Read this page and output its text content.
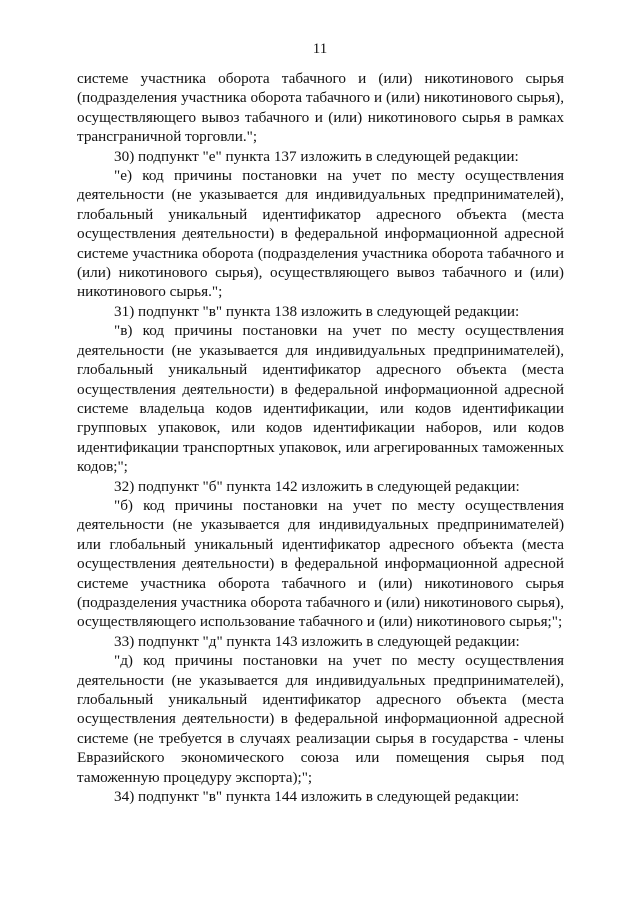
11

системе участника оборота табачного и (или) никотинового сырья (подразделения участника оборота табачного и (или) никотинового сырья), осуществляющего вывоз табачного и (или) никотинового сырья в рамках трансграничной торговли.";

30) подпункт "е" пункта 137 изложить в следующей редакции:

"е) код причины постановки на учет по месту осуществления деятельности (не указывается для индивидуальных предпринимателей), глобальный уникальный идентификатор адресного объекта (места осуществления деятельности) в федеральной информационной адресной системе участника оборота (подразделения участника оборота табачного и (или) никотинового сырья), осуществляющего вывоз табачного и (или) никотинового сырья.";

31) подпункт "в" пункта 138 изложить в следующей редакции:

"в) код причины постановки на учет по месту осуществления деятельности (не указывается для индивидуальных предпринимателей), глобальный уникальный идентификатор адресного объекта (места осуществления деятельности) в федеральной информационной адресной системе владельца кодов идентификации, или кодов идентификации групповых упаковок, или кодов идентификации наборов, или кодов идентификации транспортных упаковок, или агрегированных таможенных кодов;";

32) подпункт "б" пункта 142 изложить в следующей редакции:

"б) код причины постановки на учет по месту осуществления деятельности (не указывается для индивидуальных предпринимателей) или глобальный уникальный идентификатор адресного объекта (места осуществления деятельности) в федеральной информационной адресной системе участника оборота табачного и (или) никотинового сырья (подразделения участника оборота табачного и (или) никотинового сырья), осуществляющего использование табачного и (или) никотинового сырья;";

33) подпункт "д" пункта 143 изложить в следующей редакции:

"д) код причины постановки на учет по месту осуществления деятельности (не указывается для индивидуальных предпринимателей), глобальный уникальный идентификатор адресного объекта (места осуществления деятельности) в федеральной информационной адресной системе (не требуется в случаях реализации сырья в государства - члены Евразийского экономического союза или помещения сырья под таможенную процедуру экспорта);";

34) подпункт "в" пункта 144 изложить в следующей редакции:
